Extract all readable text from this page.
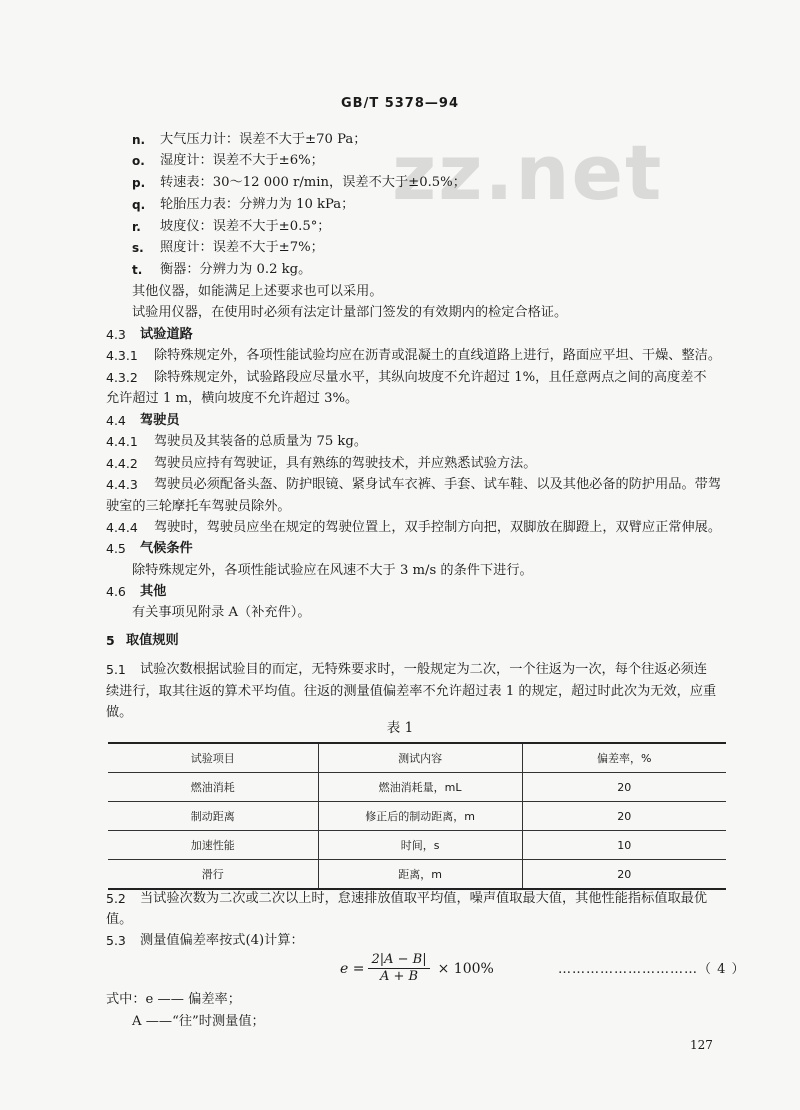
GB/T 5378—94
zz.net
n. 大气压力计：误差不大于±70 Pa；
o. 湿度计：误差不大于±6%；
p. 转速表：30～12 000 r/min，误差不大于±0.5%；
q. 轮胎压力表：分辨力为 10 kPa；
r. 坡度仪：误差不大于±0.5°；
s. 照度计：误差不大于±7%；
t. 衡器：分辨力为 0.2 kg。
其他仪器，如能满足上述要求也可以采用。
试验用仪器，在使用时必须有法定计量部门签发的有效期内的检定合格证。
4.3 试验道路
4.3.1 除特殊规定外，各项性能试验均应在沥青或混凝土的直线道路上进行，路面应平坦、干燥、整洁。
4.3.2 除特殊规定外，试验路段应尽量水平，其纵向坡度不允许超过 1%，且任意两点之间的高度差不
允许超过 1 m，横向坡度不允许超过 3%。
4.4 驾驶员
4.4.1 驾驶员及其装备的总质量为 75 kg。
4.4.2 驾驶员应持有驾驶证，具有熟练的驾驶技术，并应熟悉试验方法。
4.4.3 驾驶员必须配备头盔、防护眼镜、紧身试车衣裤、手套、试车鞋、以及其他必备的防护用品。带驾
驶室的三轮摩托车驾驶员除外。
4.4.4 驾驶时，驾驶员应坐在规定的驾驶位置上，双手控制方向把，双脚放在脚蹬上，双臂应正常伸展。
4.5 气候条件
除特殊规定外，各项性能试验应在风速不大于 3 m/s 的条件下进行。
4.6 其他
有关事项见附录 A（补充件）。
5 取值规则
5.1 试验次数根据试验目的而定，无特殊要求时，一般规定为二次，一个往返为一次，每个往返必须连
续进行，取其往返的算术平均值。往返的测量值偏差率不允许超过表 1 的规定，超过时此次为无效，应重
做。
表 1
试验项目	测试内容	偏差率，%
燃油消耗	燃油消耗量，mL	20
制动距离	修正后的制动距离，m	20
加速性能	时间，s	10
滑行	距离，m	20
5.2 当试验次数为二次或二次以上时，怠速排放值取平均值，噪声值取最大值，其他性能指标值取最优
值。
5.3 测量值偏差率按式(4)计算：
$e = \frac{2|A - B|}{A + B} \times 100\%$	…………………………（ 4 ）
式中：e —— 偏差率；
A ——“往”时测量值；
127
